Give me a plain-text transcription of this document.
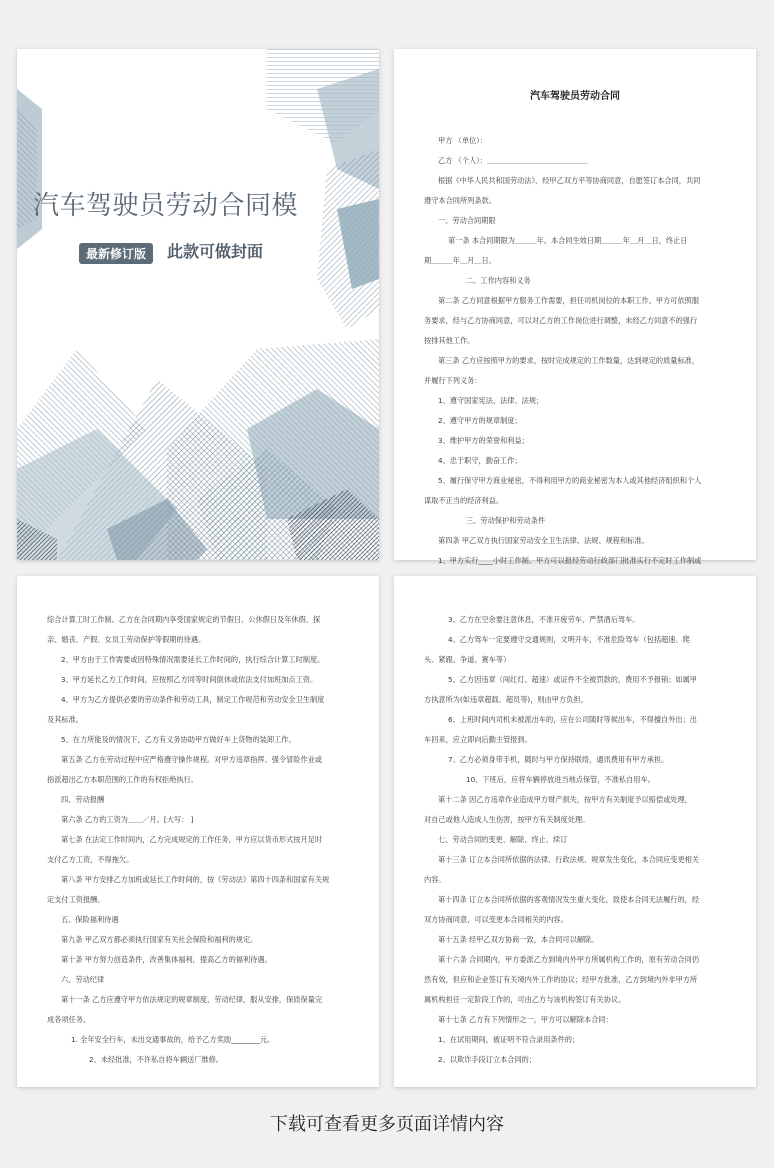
汽车驾驶员劳动合同模
最新修订版	此款可做封面
汽车驾驶员劳动合同
甲方 （单位）：
乙方 （个人）：＿＿＿＿＿＿＿＿＿＿＿＿＿＿
根据《中华人民共和国劳动法》，经甲乙双方平等协商同意，自愿签订本合同，共同
遵守本合同所列条款。
一、劳动合同期限
第一条 本合同期限为＿＿＿年。本合同生效日期＿＿＿年＿月＿日，终止日
期＿＿＿年＿月＿日。
二、工作内容和义务
第二条 乙方同意根据甲方服务工作需要，担任司机岗位的本职工作。甲方可依照服
务要求，经与乙方协商同意，可以对乙方的工作岗位进行调整，未经乙方同意不的强行
按排其他工作。
第三条 乙方应按照甲方的要求，按时完成规定的工作数量，达到规定的质量标准，
并履行下列义务：
1、遵守国家宪法、法律、法规；
2、遵守甲方的规章制度；
3、维护甲方的荣誉和利益；
4、忠于职守，勤奋工作；
5、履行保守甲方商业秘密，不得利用甲方的商业秘密为本人或其他经济组织和个人
谋取不正当的经济利益。
三、劳动保护和劳动条件
第四条 甲乙双方执行国家劳动安全卫生法律、法规、规程和标准。
1、甲方实行____小时工作制。甲方可以报经劳动行政部门批准实行不定时工作制或
综合计算工时工作制。乙方在合同期内享受国家规定的节假日、公休假日及年休假、探
亲、婚丧、产假、女员工劳动保护等假期的待遇。
2、甲方由于工作需要或因特殊情况需要延长工作时间的，执行综合计算工时制度。
3、甲方延长乙方工作时间，应按照乙方同等时间倒休或依法支付加班加点工资。
4、甲方为乙方提供必要的劳动条件和劳动工具，制定工作规范和劳动安全卫生制度
及其标准。
5、在力所能及的情况下，乙方有义务协助甲方做好车上货物的装卸工作。
第五条 乙方在劳动过程中应严格遵守操作规程。对甲方违章指挥、强令冒险作业或
指派超出乙方本职范围的工作的有权拒绝执行。
四、劳动报酬
第六条 乙方的工资为＿＿／月。[大写： ]
第七条 在法定工作时间内，乙方完成规定的工作任务，甲方应以货币形式按月足时
支付乙方工资，不得拖欠。
第八条 甲方安排乙方加班或延长工作时间的，按《劳动法》第四十四条和国家有关规
定支付工资报酬。
五、保险福利待遇
第九条 甲乙双方都必须执行国家有关社会保险和福利的规定。
第十条 甲方努力创造条件，改善集体福利，提高乙方的福利待遇。
六、劳动纪律
第十一条 乙方应遵守甲方依法规定的规章制度、劳动纪律，服从安排，保质保量完
成各项任务。
1. 全年安全行车，未出交通事故的，给予乙方奖励________元。
2、未经批准，不许私自将车辆送厂维修。
3、乙方在空余要注意休息，不准开疲劳车、严禁酒后驾车。
4、乙方驾车一定要遵守交通规则，文明开车，不准危险驾车（包括超速、爬
头、紧跟、争道、赛车等）
5、乙方因违章（闯红灯、超速）或证件不全被罚款的，费用不予报销；如属甲
方执意所为(如违章超载、超员等)，则由甲方负担。
6、上班时间内司机未被派出车的，应在公司随时等候出车，不得擅自外出；出
车回来，应立即向后勤主管报到。
7、乙方必须身带手机，随时与甲方保持联络，通讯费用有甲方承担。
10、下班后，应将车辆停放进当地点保管，不准私自用车。
第十二条 因乙方违章作业造成甲方财产损失，按甲方有关制度予以赔偿或处理，
对自己或他人造成人生伤害，按甲方有关制度处理。
七、劳动合同的变更、解除、终止、续订
第十三条 订立本合同所依据的法律、行政法规、规章发生变化，本合同应变更相关
内容。
第十四条 订立本合同所依据的客观情况发生重大变化，致使本合同无法履行的，经
双方协商同意，可以变更本合同相关的内容。
第十五条 经甲乙双方协商一致，本合同可以解除。
第十六条 合同期内，甲方委派乙方到境内外甲方所属机构工作的，原有劳动合同仍
然有效，但应和企业签订有关境内外工作的协议；经甲方批准，乙方到境内外非甲方所
属机构担任一定阶段工作的，可由乙方与该机构签订有关协议。
第十七条 乙方有下列情形之一，甲方可以解除本合同：
1、在试用期间，被证明不符合录用条件的；
2、以欺诈手段订立本合同的；
下载可查看更多页面详情内容
